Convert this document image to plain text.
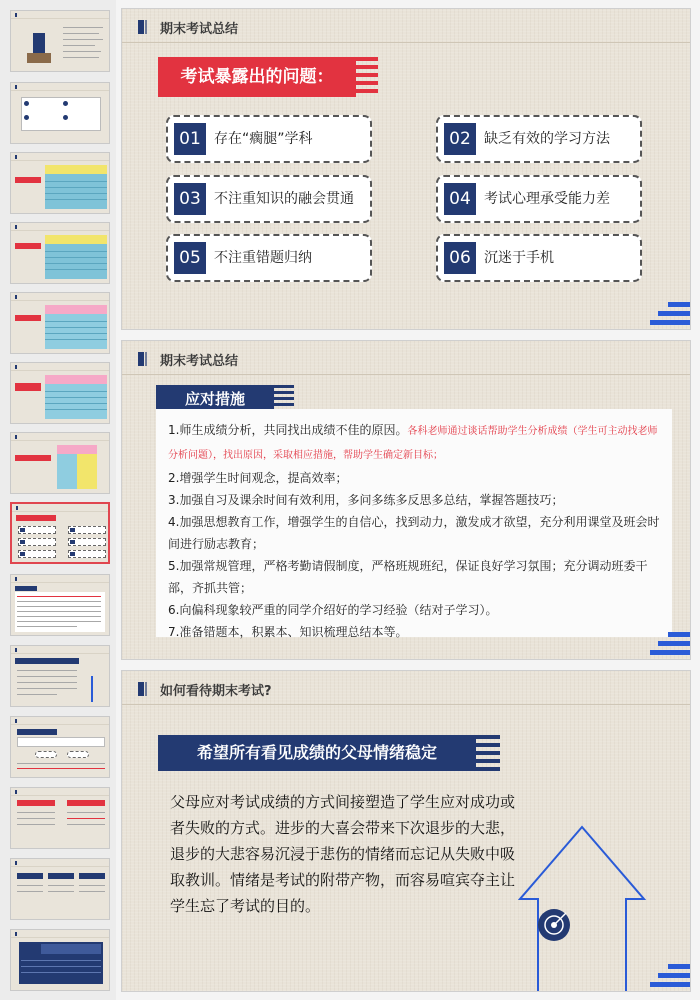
期末考试总结
考试暴露出的问题：
01 存在“瘸腿”学科	02 缺乏有效的学习方法
03 不注重知识的融会贯通	04 考试心理承受能力差
05 不注重错题归纳	06 沉迷于手机
期末考试总结
应对措施
1.师生成绩分析，共同找出成绩不佳的原因。各科老师通过谈话帮助学生分析成绩（学生可主动找老师分析问题），找出原因，采取相应措施，帮助学生确定新目标；
2.增强学生时间观念，提高效率；
3.加强自习及课余时间有效利用，多问多练多反思多总结，掌握答题技巧；
4.加强思想教育工作，增强学生的自信心，找到动力，激发成才欲望，充分利用课堂及班会时间进行励志教育；
5.加强常规管理，严格考勤请假制度，严格班规班纪，保证良好学习氛围；充分调动班委干部，齐抓共管；
6.向偏科现象较严重的同学介绍好的学习经验（结对子学习）。
7.准备错题本，积累本、知识梳理总结本等。
如何看待期末考试?
希望所有看见成绩的父母情绪稳定
父母应对考试成绩的方式间接塑造了学生应对成功或者失败的方式。进步的大喜会带来下次退步的大悲，退步的大悲容易沉浸于悲伤的情绪而忘记从失败中吸取教训。情绪是考试的附带产物，而容易喧宾夺主让学生忘了考试的目的。
